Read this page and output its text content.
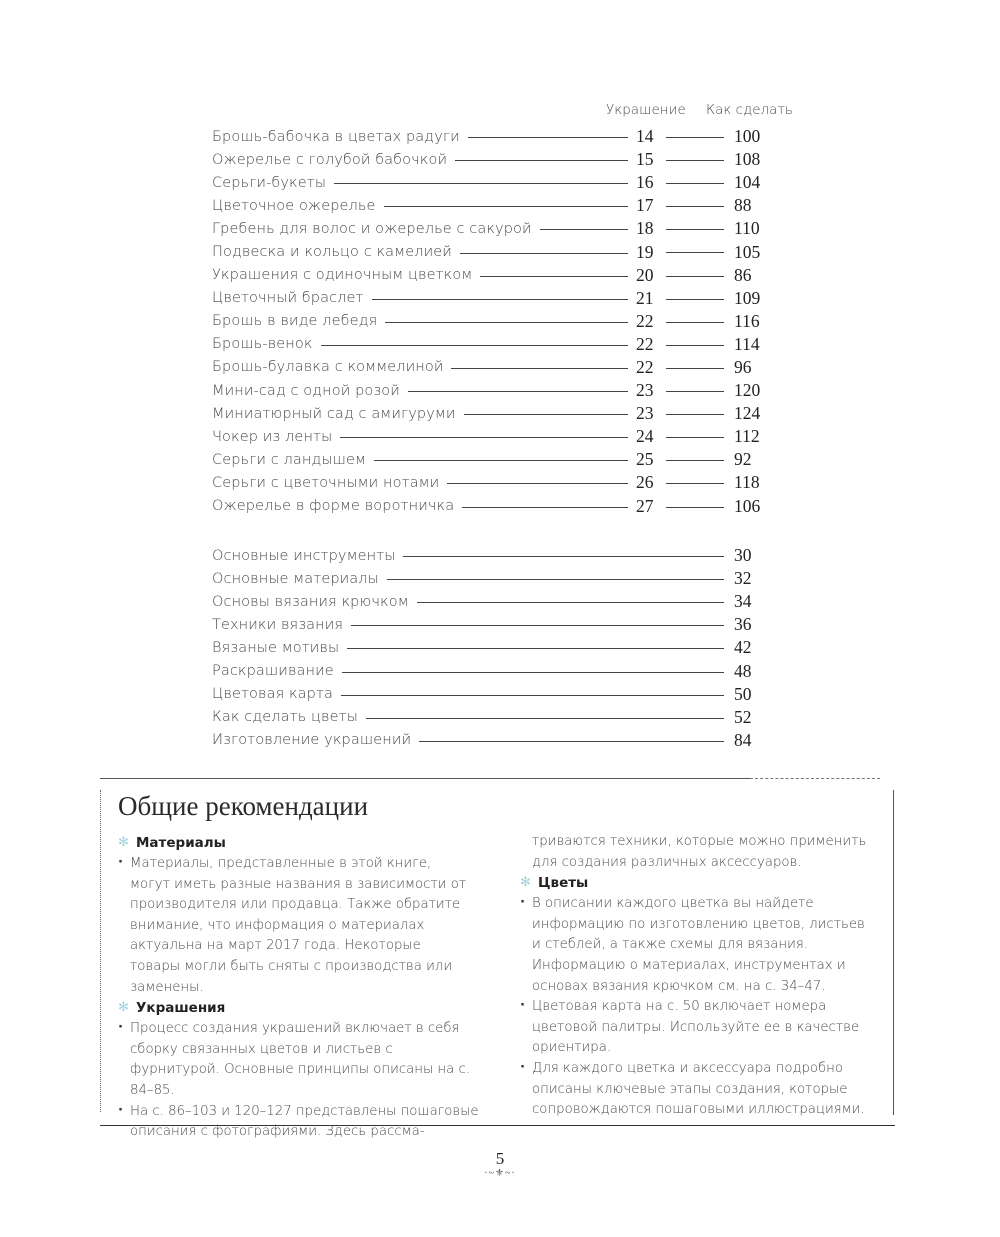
Украшение Как сделать
Брошь-бабочка в цветах радуги	14	100
Ожерелье с голубой бабочкой	15	108
Серьги-букеты	16	104
Цветочное ожерелье	17	88
Гребень для волос и ожерелье с сакурой	18	110
Подвеска и кольцо с камелией	19	105
Украшения с одиночным цветком	20	86
Цветочный браслет	21	109
Брошь в виде лебедя	22	116
Брошь-венок	22	114
Брошь-булавка с коммелиной	22	96
Мини-сад с одной розой	23	120
Миниатюрный сад с амигуруми	23	124
Чокер из ленты	24	112
Серьги с ландышем	25	92
Серьги с цветочными нотами	26	118
Ожерелье в форме воротничка	27	106
Основные инструменты	30
Основные материалы	32
Основы вязания крючком	34
Техники вязания	36
Вязаные мотивы	42
Раскрашивание	48
Цветовая карта	50
Как сделать цветы	52
Изготовление украшений	84
Общие рекомендации
✻ Материалы
· Материалы, представленные в этой книге, могут иметь разные названия в зависимости от производителя или продавца. Также обратите внимание, что информация о материалах актуальна на март 2017 года. Некоторые товары могли быть сняты с производства или заменены.
✻ Украшения
· Процесс создания украшений включает в себя сборку связанных цветов и листьев с фурнитурой. Основные принципы описаны на с. 84–85.
· На с. 86–103 и 120–127 представлены пошаговые описания с фотографиями. Здесь рассма-
триваются техники, которые можно применить для создания различных аксессуаров.
✻ Цветы
· В описании каждого цветка вы найдете информацию по изготовлению цветов, листьев и стеблей, а также схемы для вязания. Информацию о материалах, инструментах и основах вязания крючком см. на с. 34–47.
· Цветовая карта на с. 50 включает номера цветовой палитры. Используйте ее в качестве ориентира.
· Для каждого цветка и аксессуара подробно описаны ключевые этапы создания, которые сопровождаются пошаговыми иллюстрациями.
5
·~⚜~·
